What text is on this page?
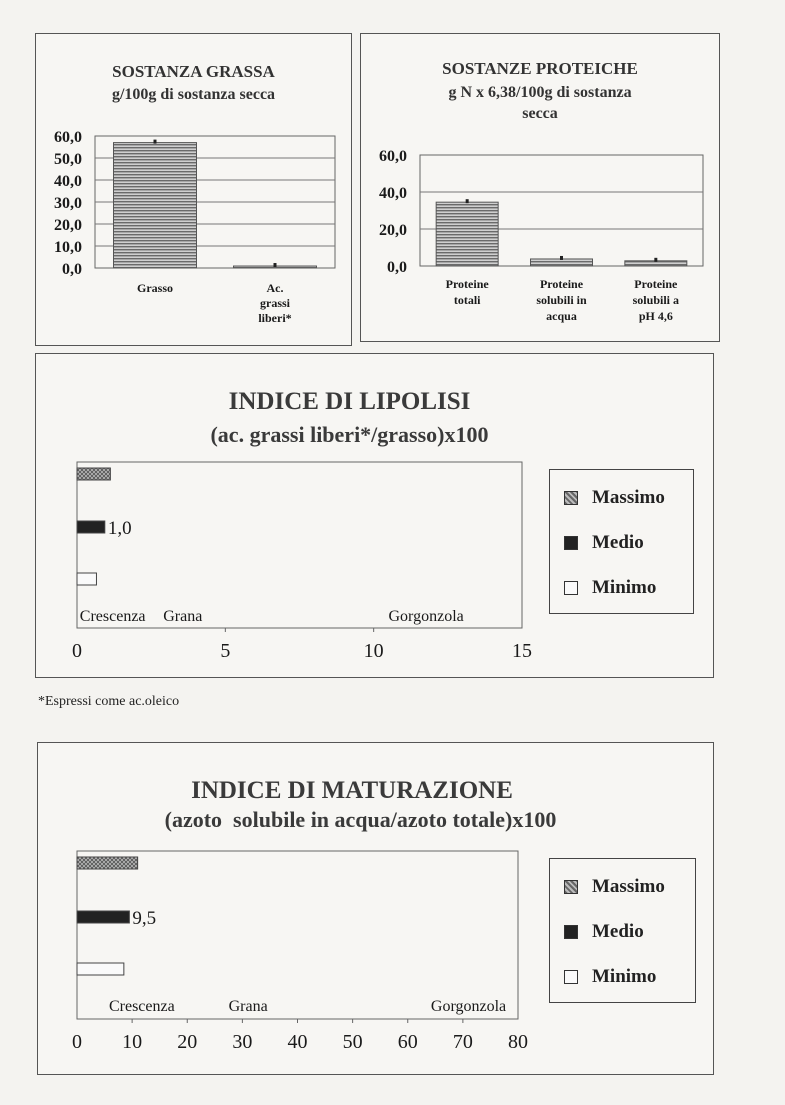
SOSTANZA GRASSA
g/100g di sostanza secca
SOSTANZE PROTEICHE
g N x 6,38/100g di sostanza
secca
INDICE DI LIPOLISI
(ac. grassi liberi*/grasso)x100
Massimo
Medio
Minimo
*Espressi come ac.oleico
INDICE DI MATURAZIONE
(azoto  solubile in acqua/azoto totale)x100
Massimo
Medio
Minimo
0,0
10,0
20,0
30,0
40,0
50,0
60,0
Grasso	Ac.
grassi
liberi*
0,0
20,0
40,0
60,0
Proteine
totali
Proteine
solubili in
acqua
Proteine
solubili a
pH 4,6
0	5	10	15
1,0
Crescenza Grana	Gorgonzola
0 10 20 30 40 50 60 70 80
9,5
Crescenza	Grana	Gorgonzola
